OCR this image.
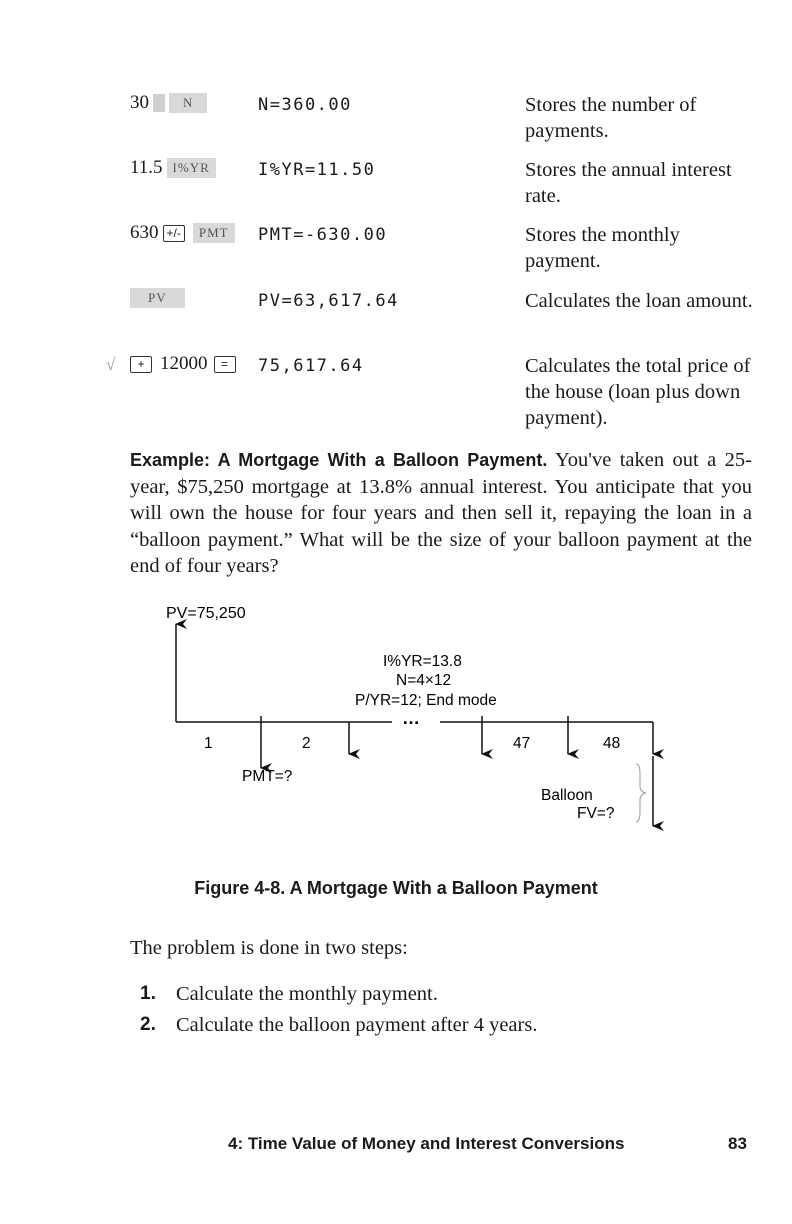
30	N	N=360.00	Stores the number of payments.
11.5 I%YR	I%YR=11.50	Stores the annual interest rate.
630 +/-	PMT	PMT=-630.00	Stores the monthly payment.
PV	PV=63,617.64	Calculates the loan amount.
√	+ 12000	=	75,617.64	Calculates the total price of the house (loan plus down payment).
Example: A Mortgage With a Balloon Payment. You've taken out a 25-year, $75,250 mortgage at 13.8% annual interest. You anticipate that you will own the house for four years and then sell it, repaying the loan in a “balloon payment.” What will be the size of your balloon payment at the end of four years?
PV=75,250
I%YR=13.8
N=4×12
P/YR=12; End mode
…
1	2	47	48
PMT=?
Balloon
FV=?
Figure 4-8. A Mortgage With a Balloon Payment
The problem is done in two steps:
1. Calculate the monthly payment.
2. Calculate the balloon payment after 4 years.
4: Time Value of Money and Interest Conversions	83
